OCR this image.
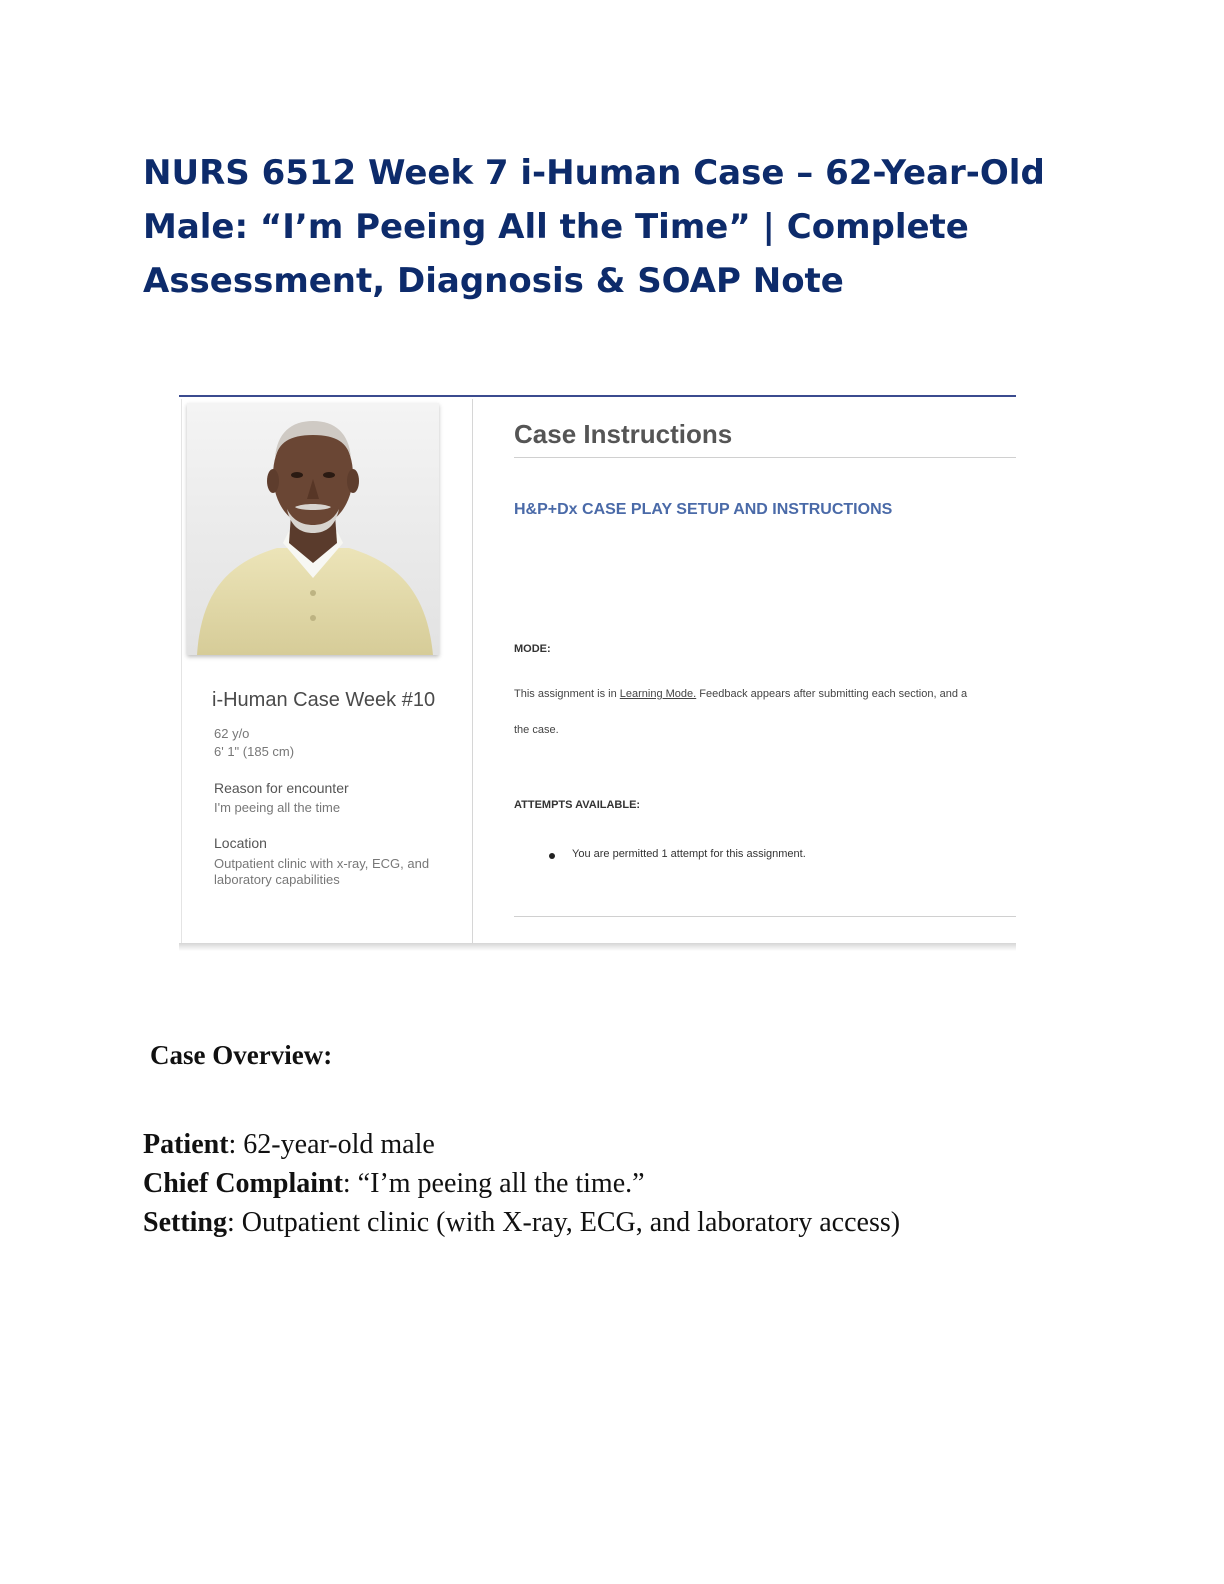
NURS 6512 Week 7 i-Human Case – 62-Year-Old Male: “I’m Peeing All the Time” | Complete Assessment, Diagnosis & SOAP Note
i-Human Case Week #10
62 y/o
6' 1" (185 cm)
Reason for encounter
I'm peeing all the time
Location
Outpatient clinic with x-ray, ECG, and
laboratory capabilities
Case Instructions
H&P+Dx CASE PLAY SETUP AND INSTRUCTIONS
MODE:
This assignment is in Learning Mode. Feedback appears after submitting each section, and a
the case.
ATTEMPTS AVAILABLE:
You are permitted 1 attempt for this assignment.
Case Overview:
Patient: 62-year-old male
Chief Complaint: “I’m peeing all the time.”
Setting: Outpatient clinic (with X-ray, ECG, and laboratory access)
